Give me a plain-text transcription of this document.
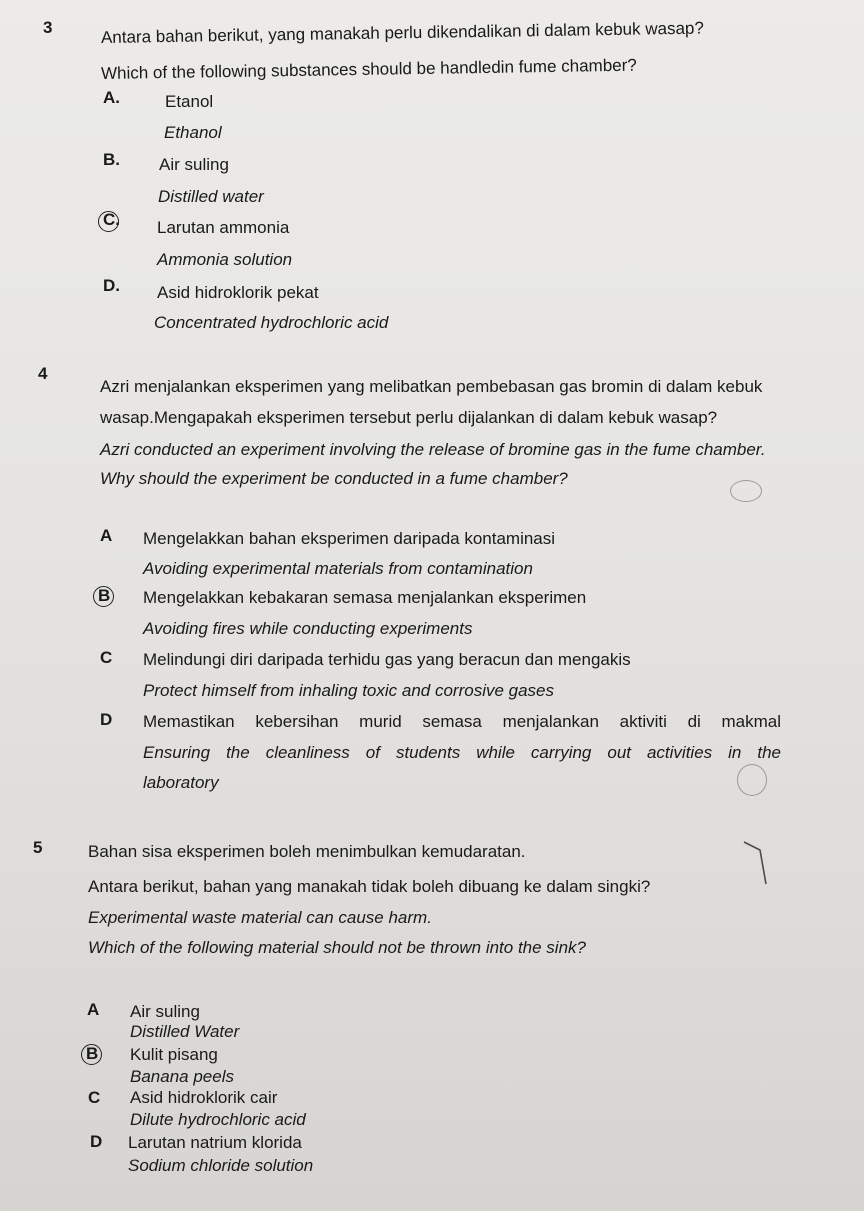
3	Antara bahan berikut, yang manakah perlu dikendalikan di dalam kebuk wasap?
Which of the following substances should be handledin fume chamber?
A.	Etanol
Ethanol
B. Air suling
Distilled water
C. Larutan ammonia
Ammonia solution
D. Asid hidroklorik pekat
Concentrated hydrochloric acid
4
Azri menjalankan eksperimen yang melibatkan pembebasan gas bromin di dalam kebuk
wasap.Mengapakah eksperimen tersebut perlu dijalankan di dalam kebuk wasap?
Azri conducted an experiment involving the release of bromine gas in the fume chamber.
Why should the experiment be conducted in a fume chamber?
A Mengelakkan bahan eksperimen daripada kontaminasi
Avoiding experimental materials from contamination
B Mengelakkan kebakaran semasa menjalankan eksperimen
Avoiding fires while conducting experiments
C Melindungi diri daripada terhidu gas yang beracun dan mengakis
Protect himself from inhaling toxic and corrosive gases
D Memastikan kebersihan murid semasa menjalankan aktiviti di makmal
Ensuring the cleanliness of students while carrying out activities in the
laboratory
5	Bahan sisa eksperimen boleh menimbulkan kemudaratan.
Antara berikut, bahan yang manakah tidak boleh dibuang ke dalam singki?
Experimental waste material can cause harm.
Which of the following material should not be thrown into the sink?
A Air suling
Distilled Water
B Kulit pisang
Banana peels
C Asid hidroklorik cair
Dilute hydrochloric acid
D Larutan natrium klorida
Sodium chloride solution
